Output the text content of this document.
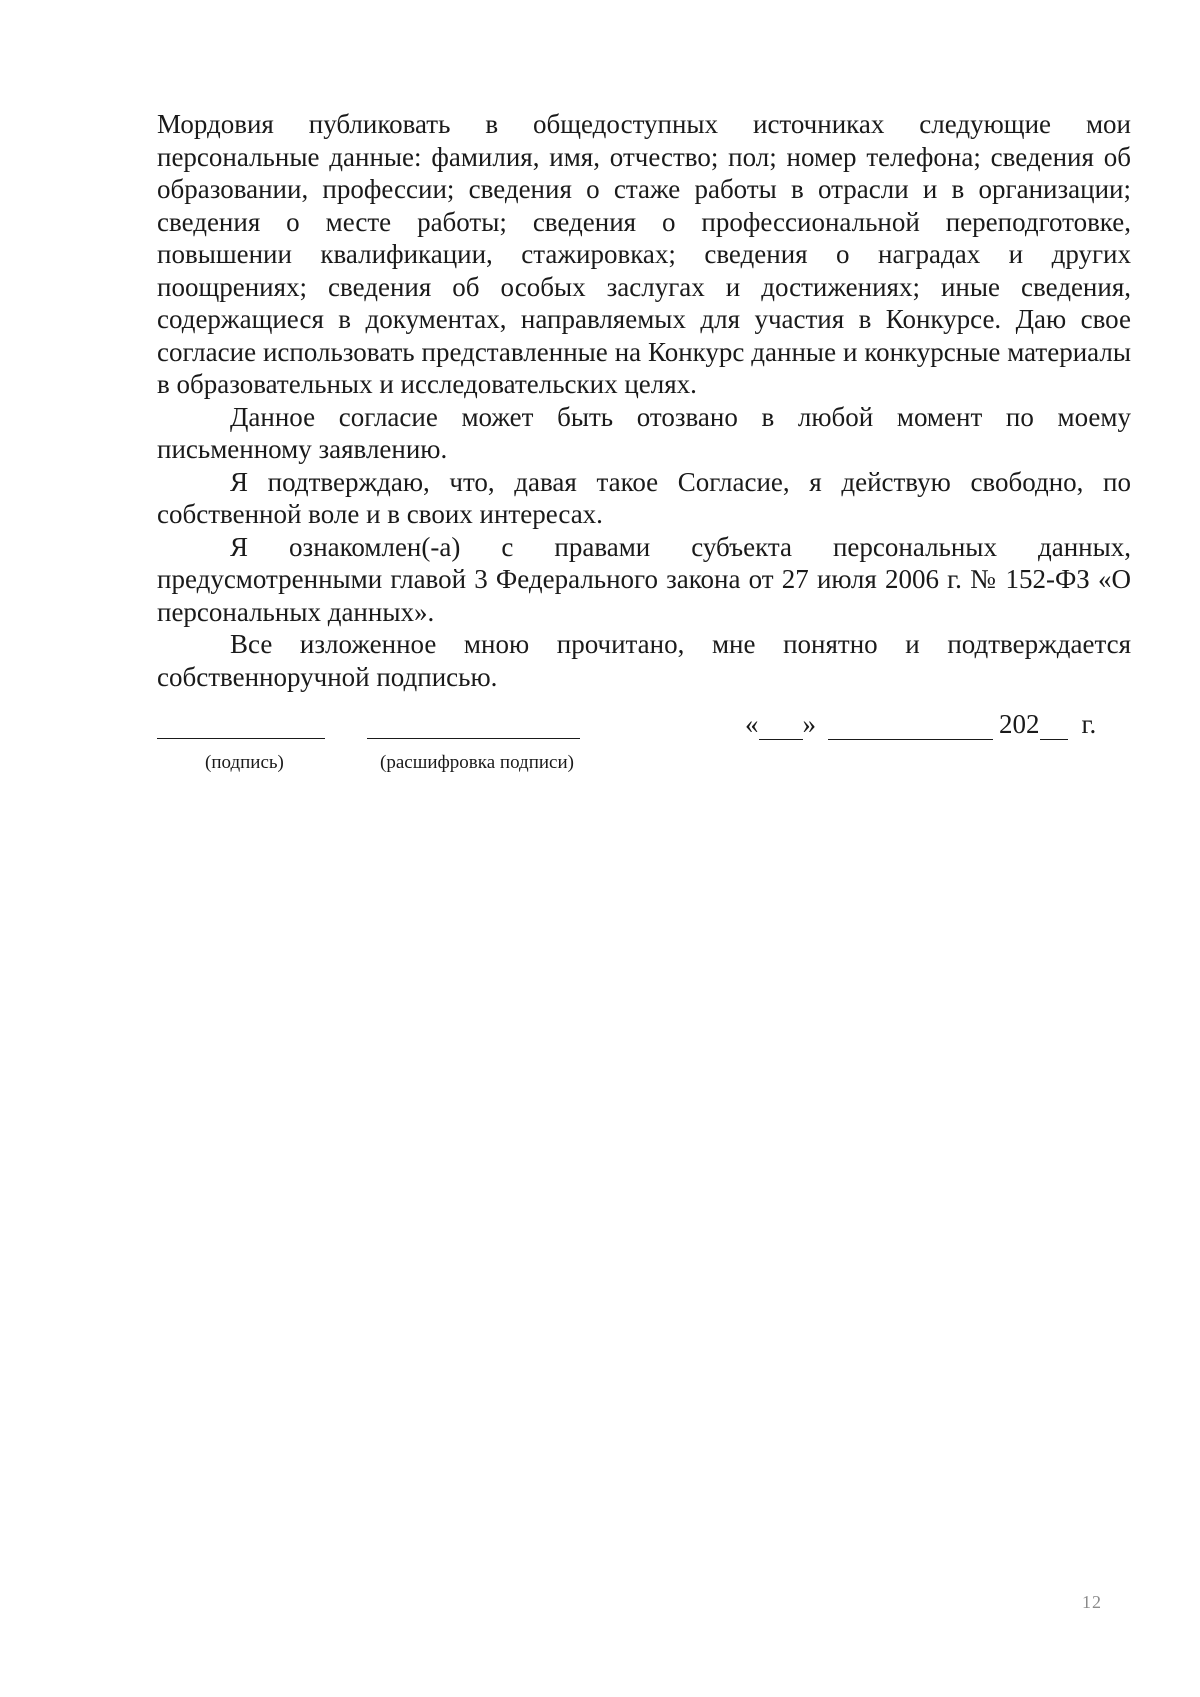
Мордовия публиковать в общедоступных источниках следующие мои персональные данные: фамилия, имя, отчество; пол; номер телефона; сведения об образовании, профессии; сведения о стаже работы в отрасли и в организации; сведения о месте работы; сведения о профессиональной переподготовке, повышении квалификации, стажировках; сведения о наградах и других поощрениях; сведения об особых заслугах и достижениях; иные сведения, содержащиеся в документах, направляемых для участия в Конкурсе. Даю свое согласие использовать представленные на Конкурс данные и конкурсные материалы в образовательных и исследовательских целях.

Данное согласие может быть отозвано в любой момент по моему письменному заявлению.

Я подтверждаю, что, давая такое Согласие, я действую свободно, по собственной воле и в своих интересах.

Я ознакомлен(-а) с правами субъекта персональных данных, предусмотренными главой 3 Федерального закона от 27 июля 2006 г. № 152-ФЗ «О персональных данных».

Все изложенное мною прочитано, мне понятно и подтверждается собственноручной подписью.

« »	202 г.
(подпись)	(расшифровка подписи)
12
